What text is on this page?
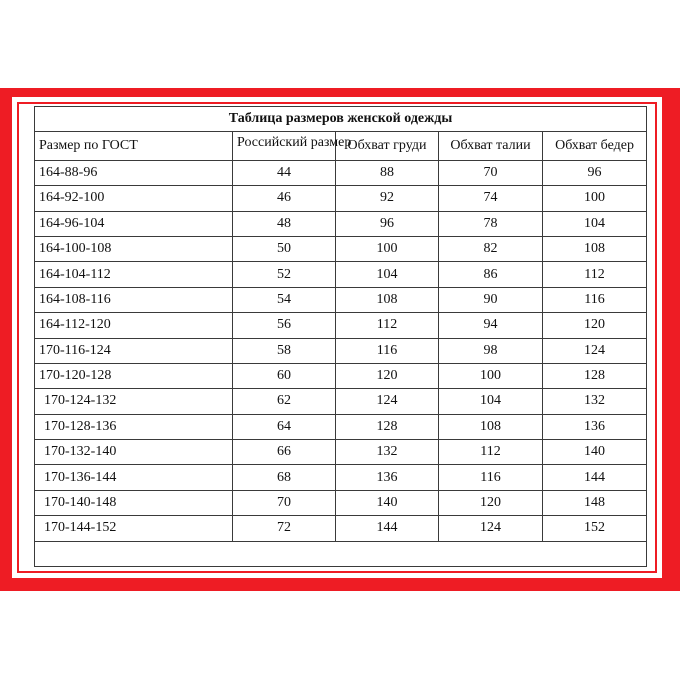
Таблица размеров женской одежды				
Размер по ГОСТ	Российский размер	Обхват груди	Обхват талии	Обхват бедер
164-88-96	44	88	70	96
164-92-100	46	92	74	100
164-96-104	48	96	78	104
164-100-108	50	100	82	108
164-104-112	52	104	86	112
164-108-116	54	108	90	116
164-112-120	56	112	94	120
170-116-124	58	116	98	124
170-120-128	60	120	100	128
170-124-132	62	124	104	132
170-128-136	64	128	108	136
170-132-140	66	132	112	140
170-136-144	68	136	116	144
170-140-148	70	140	120	148
170-144-152	72	144	124	152
